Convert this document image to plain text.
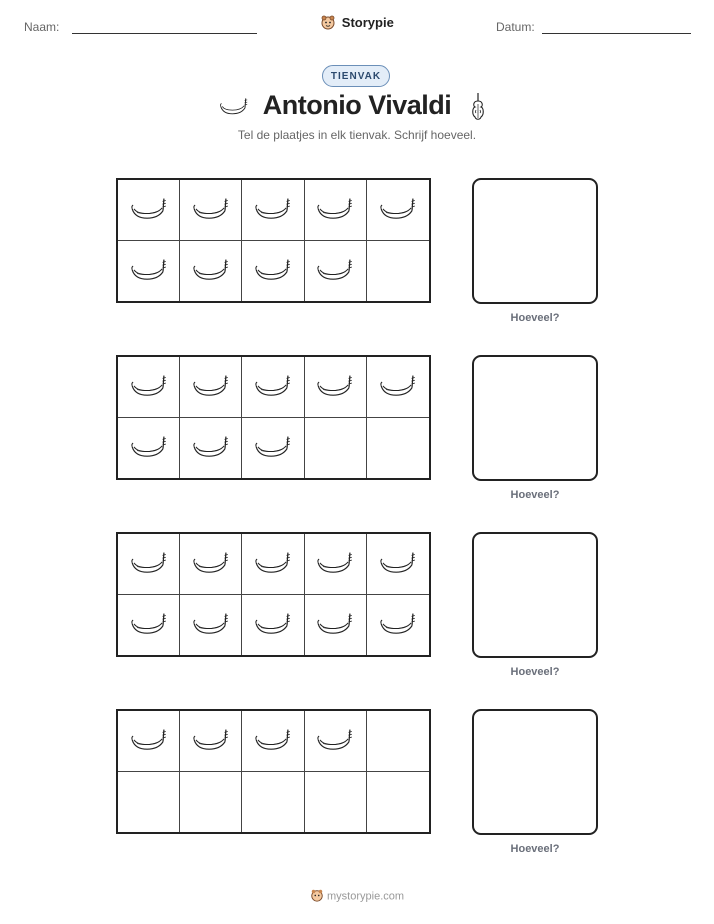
Naam:	Storypie	Datum:
TIENVAK
Antonio Vivaldi
Tel de plaatjes in elk tienvak. Schrijf hoeveel.
Hoeveel?
Hoeveel?
Hoeveel?
Hoeveel?
mystorypie.com
